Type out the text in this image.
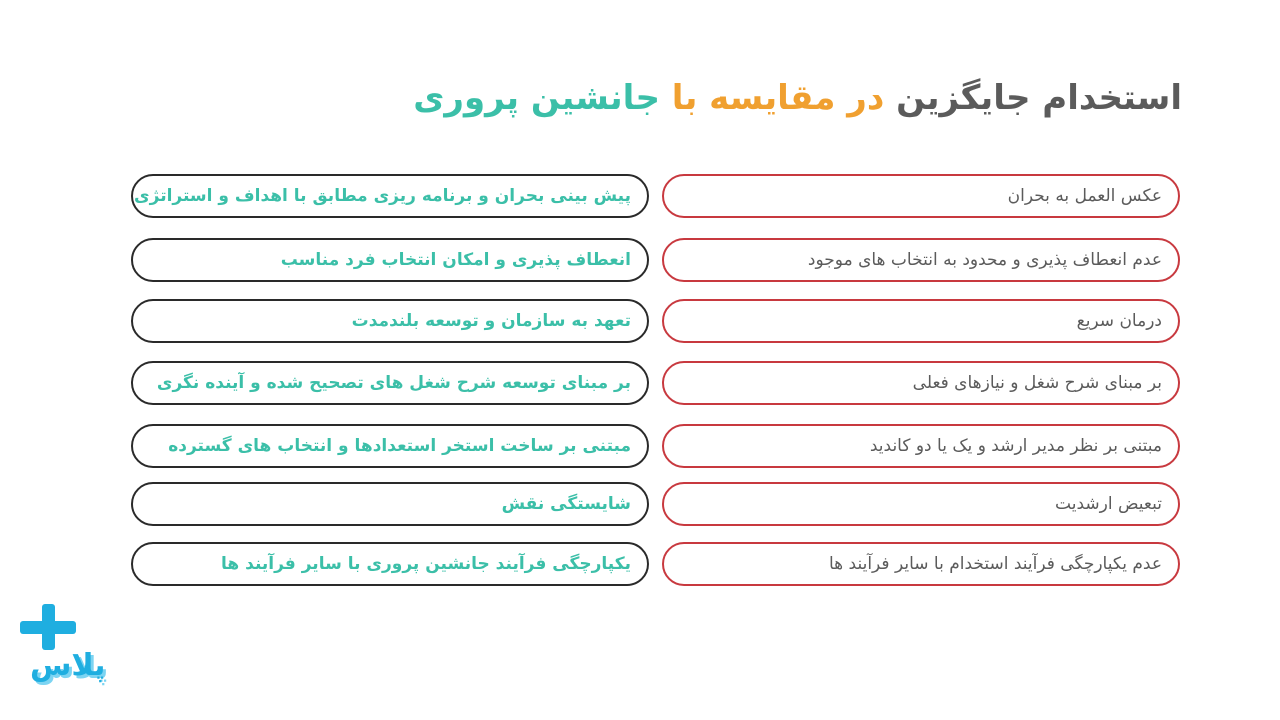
استخدام جایگزین در مقایسه با جانشین پروری
عکس العمل به بحران
پیش بینی بحران و برنامه ریزی مطابق با اهداف و استراتژی
عدم انعطاف پذیری و محدود به انتخاب های موجود
انعطاف پذیری و امکان انتخاب فرد مناسب
درمان سریع
تعهد به سازمان و توسعه بلندمدت
بر مبنای شرح شغل و نیازهای فعلی
بر مبنای توسعه شرح شغل های تصحیح شده و آینده نگری
مبتنی بر نظر مدیر ارشد و یک یا دو کاندید
مبتنی بر ساخت استخر استعدادها و انتخاب های گسترده
تبعیض ارشدیت
شایستگی نقش
عدم یکپارچگی فرآیند استخدام با سایر فرآیند ها
یکپارچگی فرآیند جانشین پروری با سایر فرآیند ها
پلاس
